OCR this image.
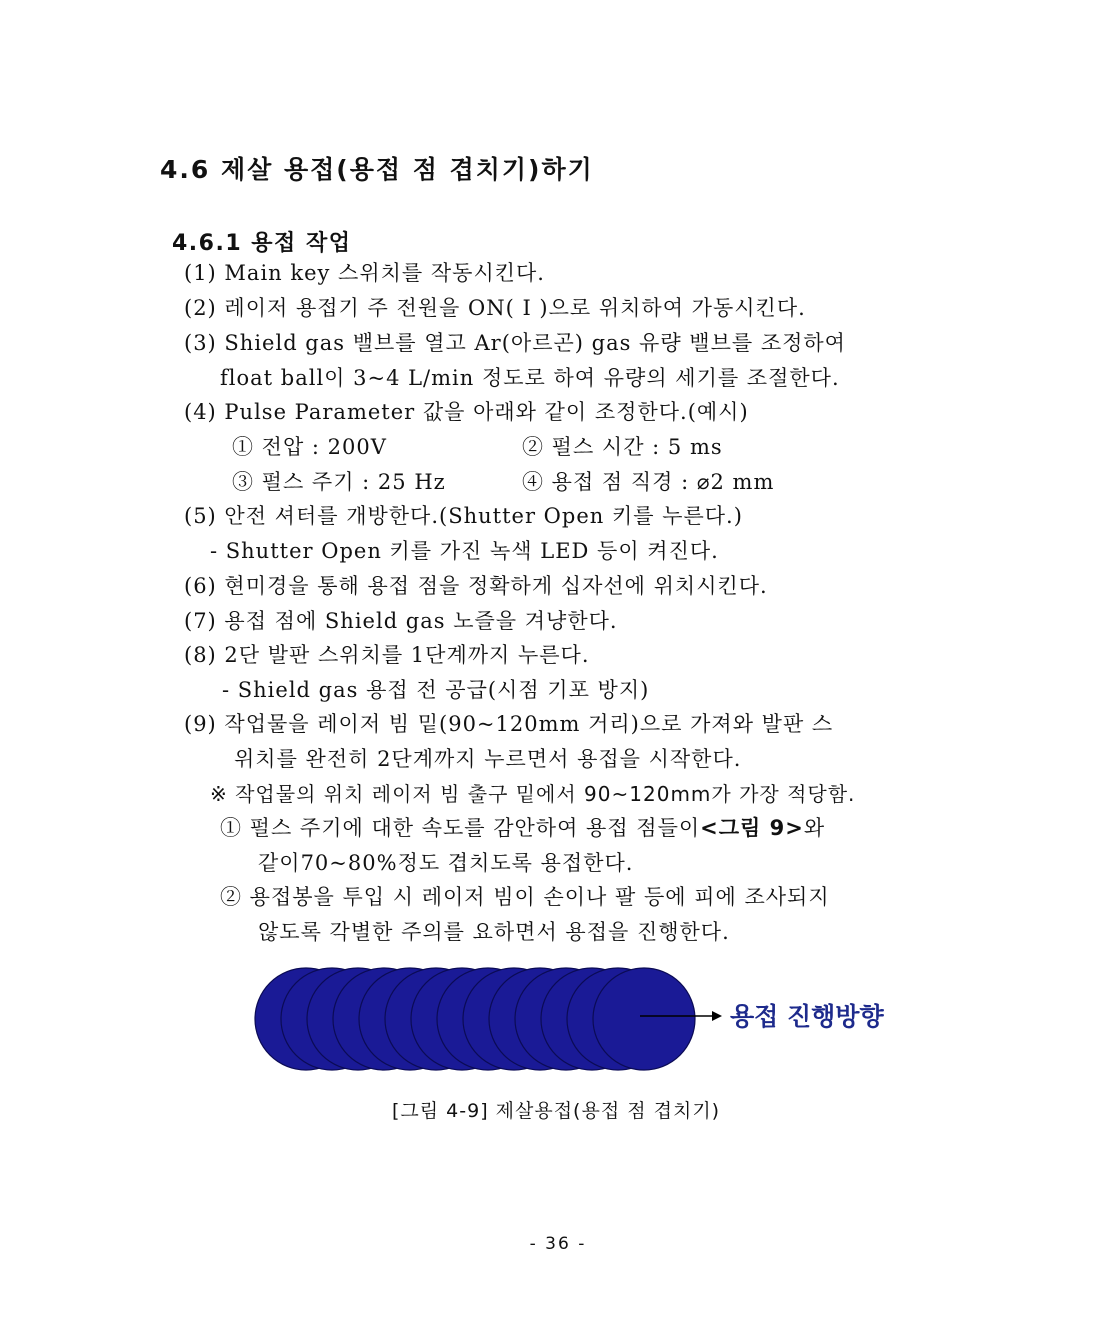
4.6 제살 용접(용접 점 겹치기)하기
4.6.1 용접 작업
(1) Main key 스위치를 작동시킨다.
(2) 레이저 용접기 주 전원을 ON( I )으로 위치하여 가동시킨다.
(3) Shield gas 밸브를 열고 Ar(아르곤) gas 유량 밸브를 조정하여
float ball이 3~4 L/min 정도로 하여 유량의 세기를 조절한다.
(4) Pulse Parameter 값을 아래와 같이 조정한다.(예시)
① 전압 : 200V	② 펄스 시간 : 5 ms
③ 펄스 주기 : 25 Hz	④ 용접 점 직경 : ⌀2 mm
(5) 안전 셔터를 개방한다.(Shutter Open 키를 누른다.)
- Shutter Open 키를 가진 녹색 LED 등이 켜진다.
(6) 현미경을 통해 용접 점을 정확하게 십자선에 위치시킨다.
(7) 용접 점에 Shield gas 노즐을 겨냥한다.
(8) 2단 발판 스위치를 1단계까지 누른다.
- Shield gas 용접 전 공급(시점 기포 방지)
(9) 작업물을 레이저 빔 밑(90~120mm 거리)으로 가져와 발판 스
위치를 완전히 2단계까지 누르면서 용접을 시작한다.
※ 작업물의 위치 레이저 빔 출구 밑에서 90~120mm가 가장 적당함.
① 펄스 주기에 대한 속도를 감안하여 용접 점들이<그림 9>와
같이70~80%정도 겹치도록 용접한다.
② 용접봉을 투입 시 레이저 빔이 손이나 팔 등에 피에 조사되지
않도록 각별한 주의를 요하면서 용접을 진행한다.
용접 진행방향
[그림 4-9] 제살용접(용접 점 겹치기)
- 36 -
